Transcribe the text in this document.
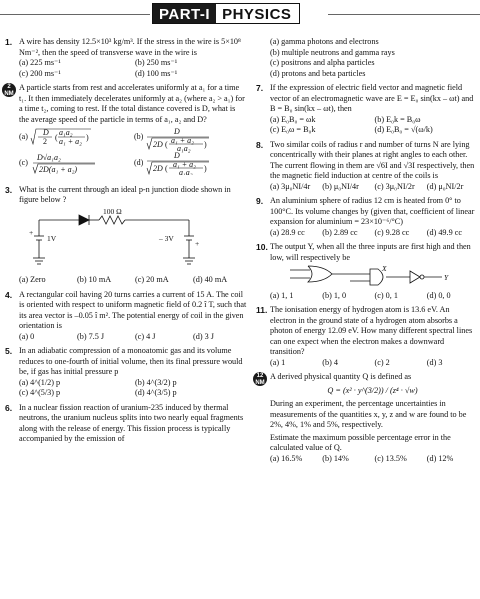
PART-I PHYSICS
1. A wire has density 12.5×10³ kg/m³. If the stress in the wire is 5×10⁸ Nm⁻², then the speed of transverse wave in the wire is
(a) 225 ms⁻¹	(b) 250 ms⁻¹
(c) 200 ms⁻¹	(d) 100 ms⁻¹
2
NM
A particle starts from rest and accelerates uniformly at a₁ for a time t₁. It then immediately decelerates uniformly at a₂ (where a₂ > a₁) for a time t₂, coming to rest. If the total distance covered is D, what is the average speed of the particle in terms of a₁, a₂ and D?
(a) D
2 (
a₁a₂
a₁ + a₂ )	(b)
D
2D ( a₁ + a₂
a₁a₂ )
(c)
D√a₁a₂
2D(a₁ + a₂)
(d)
D
2D ( a₁ + a₂
a₁a₂ )
3. What is the current through an ideal p-n junction diode shown in figure below ?
100 Ω
1V	– 3V
+
+
(a) Zero	(b) 10 mA	(c) 20 mA	(d) 40 mA
4. A rectangular coil having 20 turns carries a current of 15 A. The coil is oriented with respect to uniform magnetic field of 0.2 î T, such that its area vector is –0.05 î m². The potential energy of coil in the given orientation is
(a) 0	(b) 7.5 J	(c) 4 J	(d) 3 J
5. In an adiabatic compression of a monoatomic gas and its volume reduces to one-fourth of initial volume, then its final pressure would be, if gas has initial pressure p
(a) 4^(1/2) p	(b) 4^(3/2) p
(c) 4^(5/3) p	(d) 4^(3/5) p
6. In a nuclear fission reaction of uranium-235 induced by thermal neutrons, the uranium nucleus splits into two nearly equal fragments along with the release of energy. This fission process is typically accompanied by the emission of
(a) gamma photons and electrons
(b) multiple neutrons and gamma rays
(c) positrons and alpha particles
(d) protons and beta particles
7. If the expression of electric field vector and magnetic field vector of an electromagnetic wave are E = E₀ sin(kx – ωt) and B = B₀ sin(kx – ωt), then
(a) E₀B₀ = ωk	(b) E₀k = B₀ω
(c) E₀ω = B₀k	(d) E₀B₀ = √(ω/k)
8. Two similar coils of radius r and number of turns N are lying concentrically with their planes at right angles to each other. The current flowing in them are √6I and √3I respectively, then the magnetic field induction at centre of the coils is
(a) 3μ₀NI/4r	(b) μ₀NI/4r	(c) 3μ₀NI/2r	(d) μ₀NI/2r
9. An aluminium sphere of radius 12 cm is heated from 0° to 100°C. Its volume changes by (given that, coefficient of linear expansion for aluminium = 23×10⁻⁶/°C)
(a) 28.9 cc	(b) 2.89 cc	(c) 9.28 cc	(d) 49.9 cc
10. The output Y, when all the three inputs are first high and then low, will respectively be
X
Y
(a) 1, 1	(b) 1, 0	(c) 0, 1	(d) 0, 0
11. The ionisation energy of hydrogen atom is 13.6 eV. An electron in the ground state of a hydrogen atom absorbs a photon of energy 12.09 eV. How many different spectral lines can one expect when the electron makes a downward transition?
(a) 1	(b) 4	(c) 2	(d) 3
12
NM
A derived physical quantity Q is defined as
Q = (x² · y^(3/2)) / (z⁴ · √w)
During an experiment, the percentage uncertainties in measurements of the quantities x, y, z and w are found to be 2%, 4%, 1% and 5%, respectively.
Estimate the maximum possible percentage error in the calculated value of Q.
(a) 16.5%	(b) 14%	(c) 13.5%	(d) 12%
